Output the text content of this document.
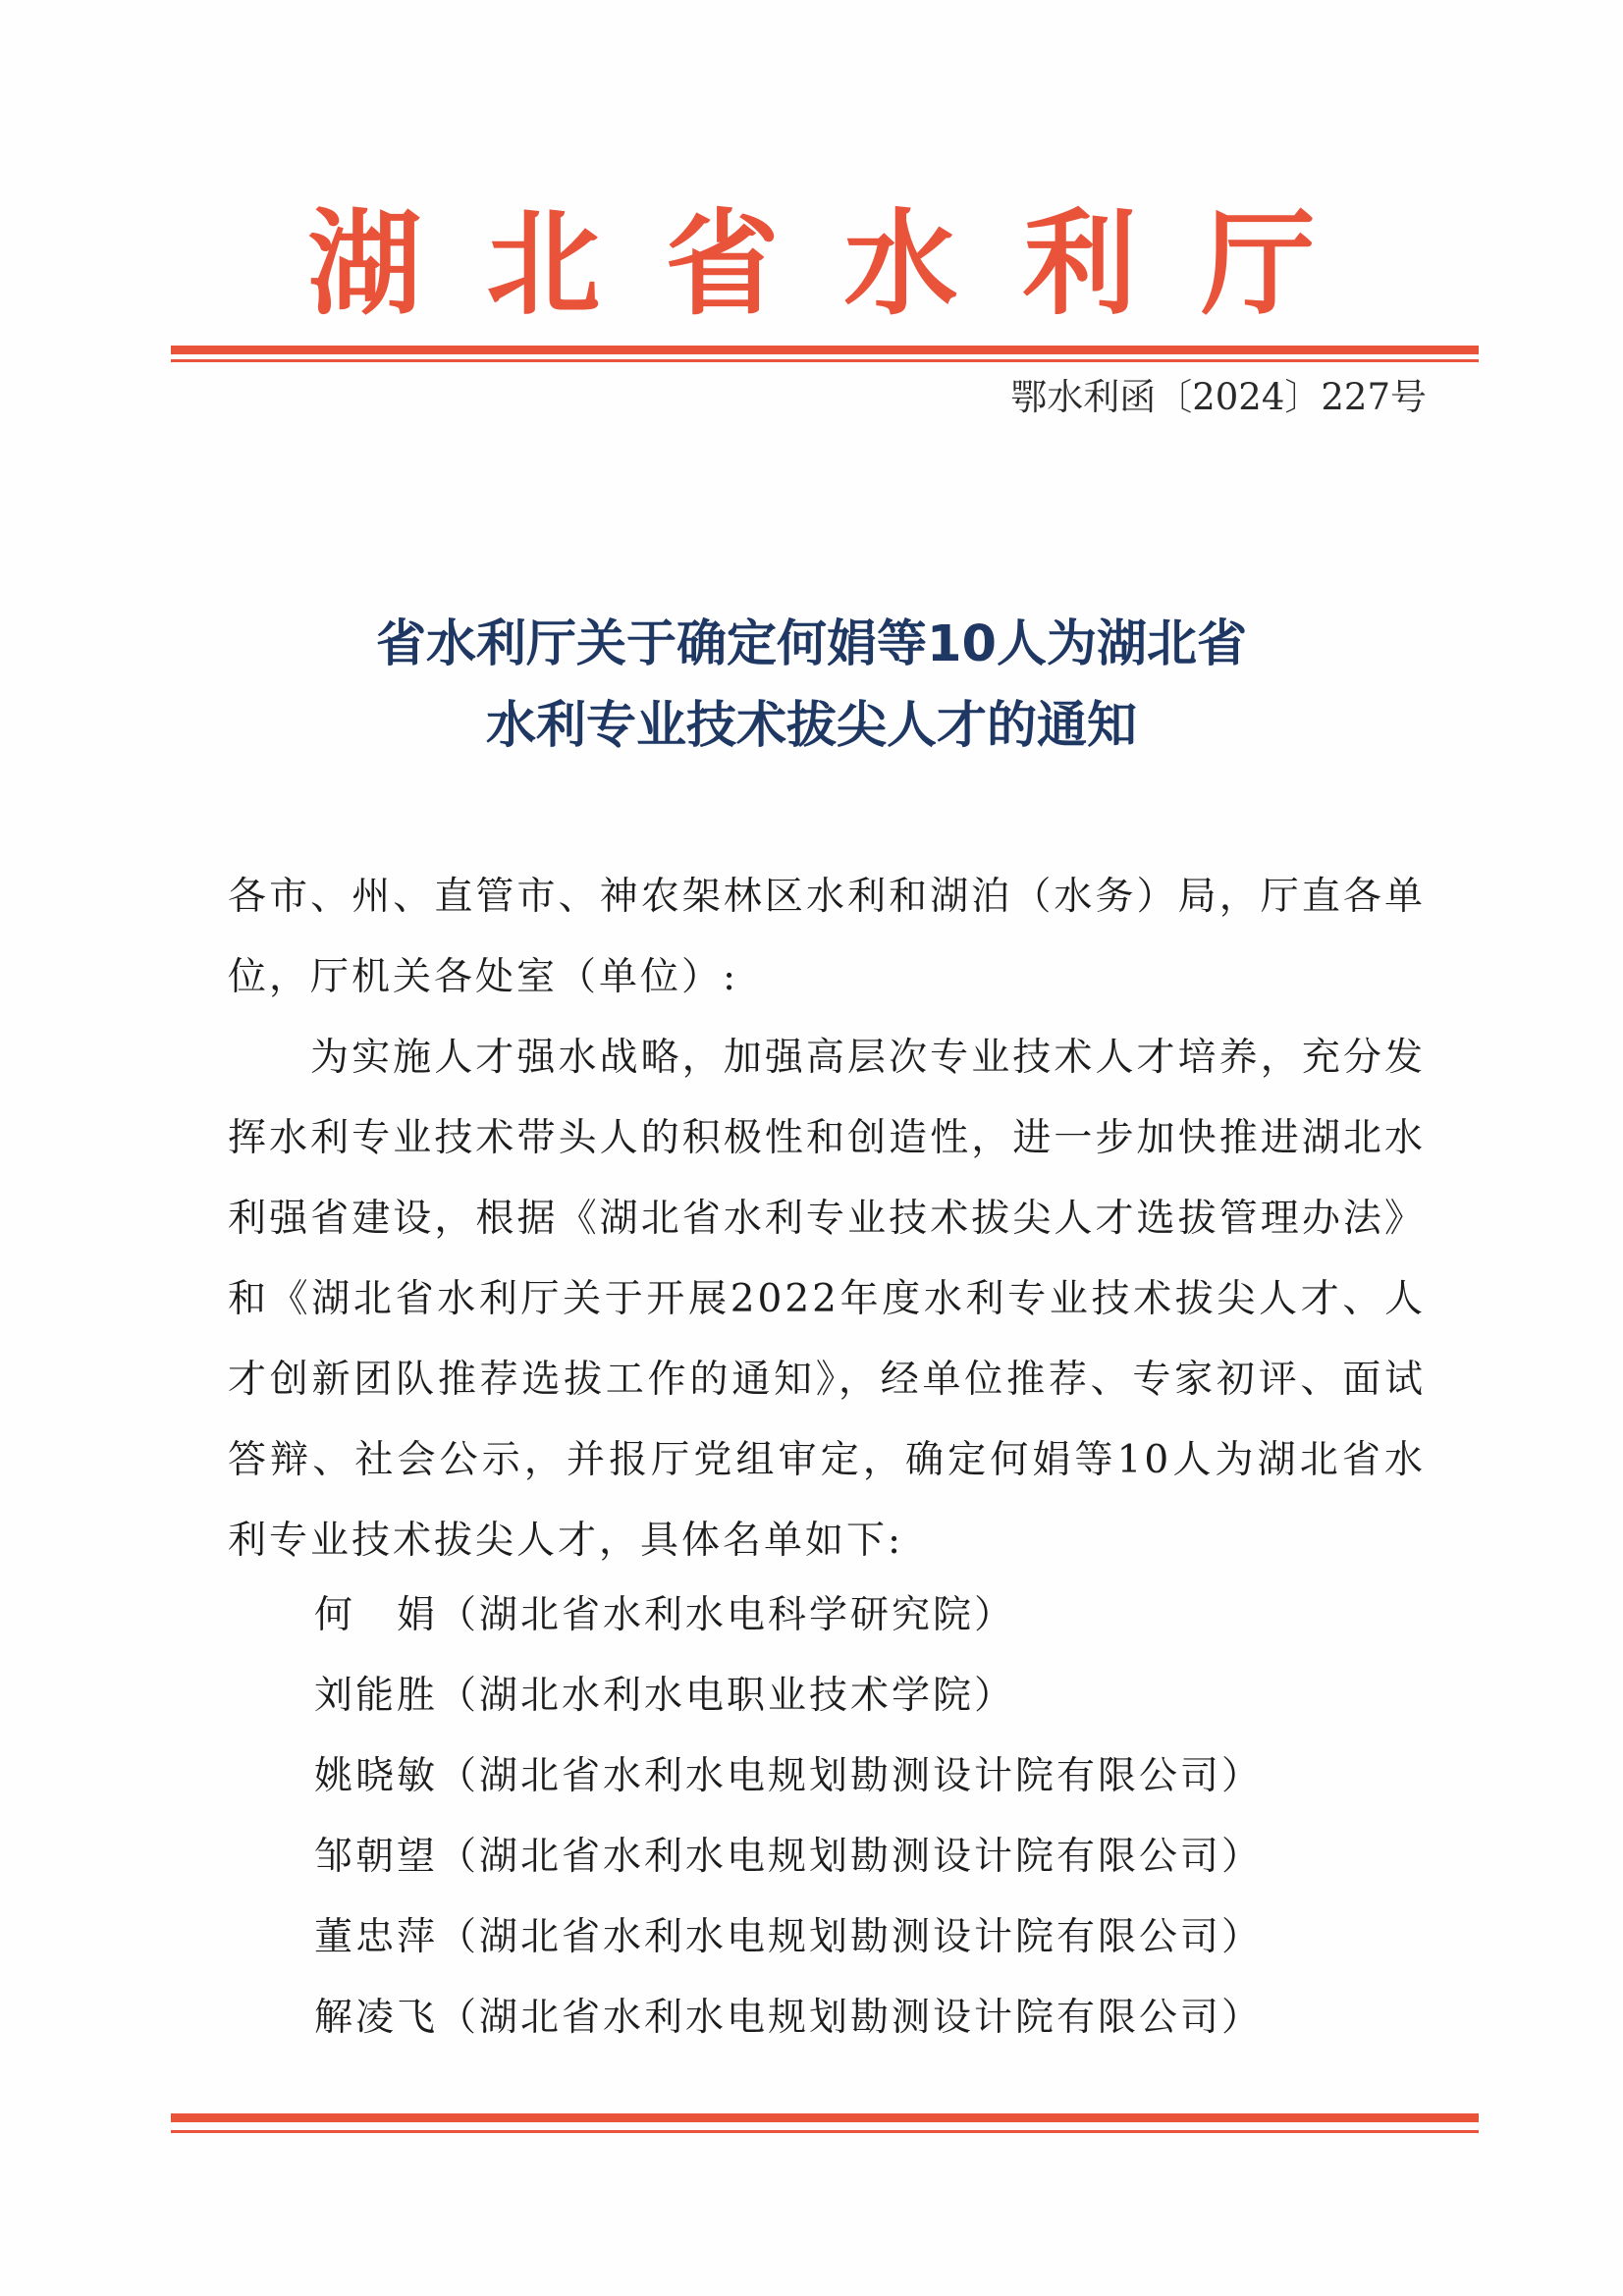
湖北省水利厅
鄂水利函〔2024〕227号
省水利厅关于确定何娟等10人为湖北省
水利专业技术拔尖人才的通知

各市、州、直管市、神农架林区水利和湖泊（水务）局，厅直各单位，厅机关各处室（单位）:

为实施人才强水战略，加强高层次专业技术人才培养，充分发挥水利专业技术带头人的积极性和创造性，进一步加快推进湖北水利强省建设，根据《湖北省水利专业技术拔尖人才选拔管理办法》和《湖北省水利厅关于开展2022年度水利专业技术拔尖人才、人才创新团队推荐选拔工作的通知》，经单位推荐、专家初评、面试答辩、社会公示，并报厅党组审定，确定何娟等10人为湖北省水利专业技术拔尖人才，具体名单如下:

何　娟（湖北省水利水电科学研究院）
刘能胜（湖北水利水电职业技术学院）
姚晓敏（湖北省水利水电规划勘测设计院有限公司）
邹朝望（湖北省水利水电规划勘测设计院有限公司）
董忠萍（湖北省水利水电规划勘测设计院有限公司）
解凌飞（湖北省水利水电规划勘测设计院有限公司）
